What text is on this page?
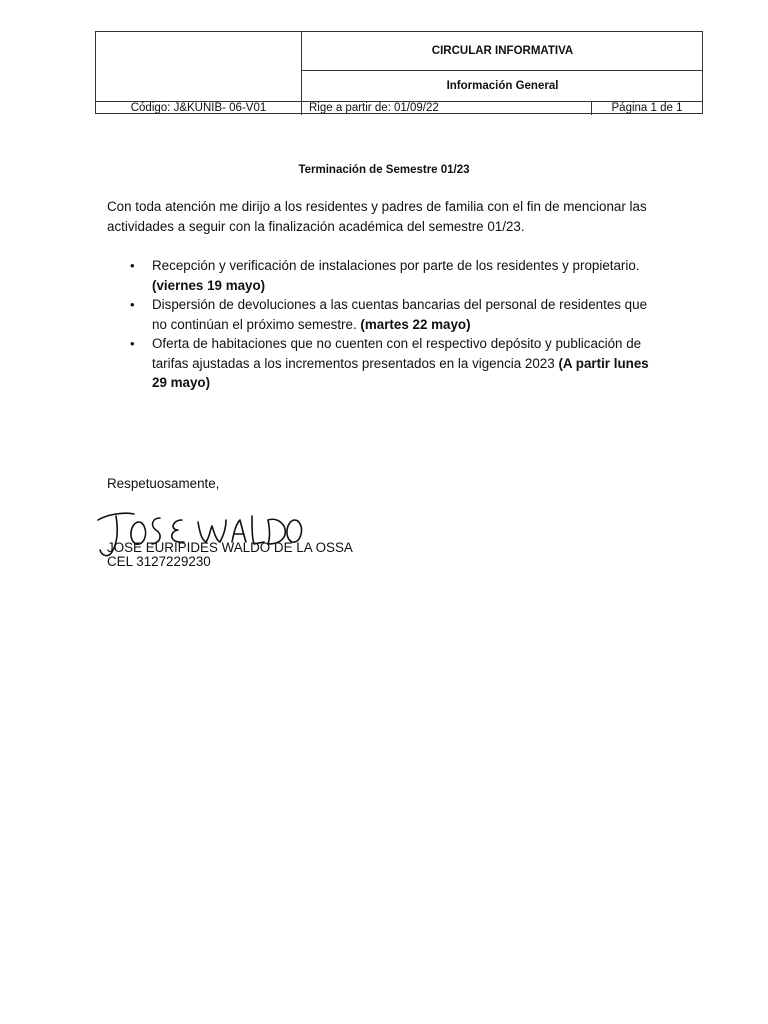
CIRCULAR INFORMATIVA
Información General
Código: J&KUNIB- 06-V01	Rige a partir de: 01/09/22	Página 1 de 1
Terminación de Semestre 01/23
Con toda atención me dirijo a los residentes y padres de familia con el fin de mencionar las actividades a seguir con la finalización académica del semestre 01/23.
• Recepción y verificación de instalaciones por parte de los residentes y propietario. (viernes 19 mayo)
• Dispersión de devoluciones a las cuentas bancarias del personal de residentes que no continúan el próximo semestre. (martes 22 mayo)
• Oferta de habitaciones que no cuenten con el respectivo depósito y publicación de tarifas ajustadas a los incrementos presentados en la vigencia 2023 (A partir lunes 29 mayo)
Respetuosamente,
JOSE EURIPIDES WALDO DE LA OSSA
CEL 3127229230
